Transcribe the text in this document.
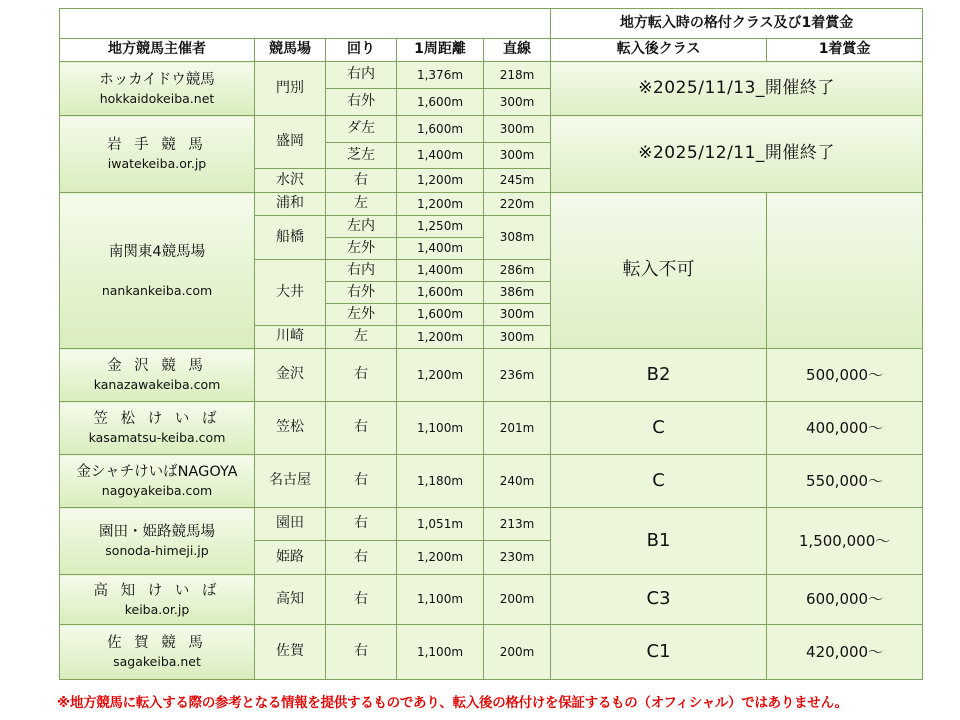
					地方転入時の格付クラス及び1着賞金	
地方競馬主催者	競馬場	回り	1周距離	直線	転入後クラス	1着賞金

ホッカイドウ競馬
hokkaidokeiba.net	門別	右内	1,376m	218m	※2025/11/13_開催終了	
		右外	1,600m	300m		

岩 手 競 馬
iwatekeiba.or.jp	盛岡	ダ左	1,600m	300m	※2025/12/11_開催終了	
		芝左	1,400m	300m		
	水沢	右	1,200m	245m		

南関東4競馬場
nankankeiba.com	浦和	左	1,200m	220m	転入不可	
	船橋	左内	1,250m	308m		
		左外	1,400m			
	大井	右内	1,400m	286m		
		右外	1,600m	386m		
		左外	1,600m	300m		
	川崎	左	1,200m	300m		

金 沢 競 馬
kanazawakeiba.com	金沢	右	1,200m	236m	B2	500,000～

笠 松 け い ば
kasamatsu-keiba.com	笠松	右	1,100m	201m	C	400,000～

金シャチけいばNAGOYA
nagoyakeiba.com	名古屋	右	1,180m	240m	C	550,000～

園田・姫路競馬場
sonoda-himeji.jp	園田	右	1,051m	213m	B1	1,500,000～
	姫路	右	1,200m	230m		

高 知 け い ば
keiba.or.jp	高知	右	1,100m	200m	C3	600,000～

佐 賀 競 馬
sagakeiba.net	佐賀	右	1,100m	200m	C1	420,000～
※地方競馬に転入する際の参考となる情報を提供するものであり、転入後の格付けを保証するもの（オフィシャル）ではありません。
